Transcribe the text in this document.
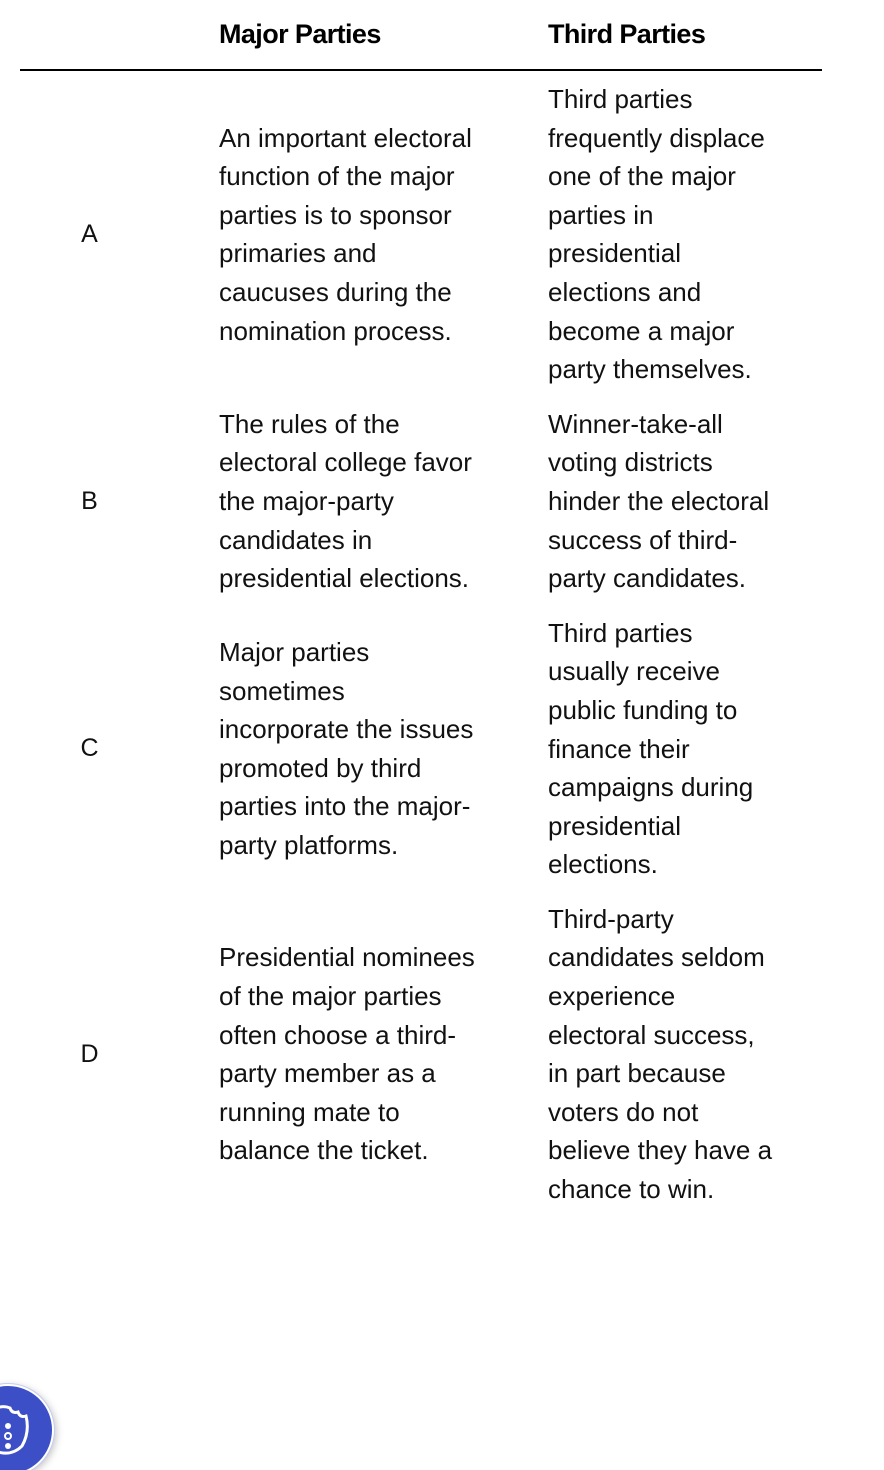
	Major Parties	Third Parties
A	An important electoral function of the major parties is to sponsor primaries and caucuses during the nomination process.	Third parties frequently displace one of the major parties in presidential elections and become a major party themselves.
B	The rules of the electoral college favor the major-party candidates in presidential elections.	Winner-take-all voting districts hinder the electoral success of third-party candidates.
C	Major parties sometimes incorporate the issues promoted by third parties into the major-party platforms.	Third parties usually receive public funding to finance their campaigns during presidential elections.
D	Presidential nominees of the major parties often choose a third-party member as a running mate to balance the ticket.	Third-party candidates seldom experience electoral success, in part because voters do not believe they have a chance to win.
